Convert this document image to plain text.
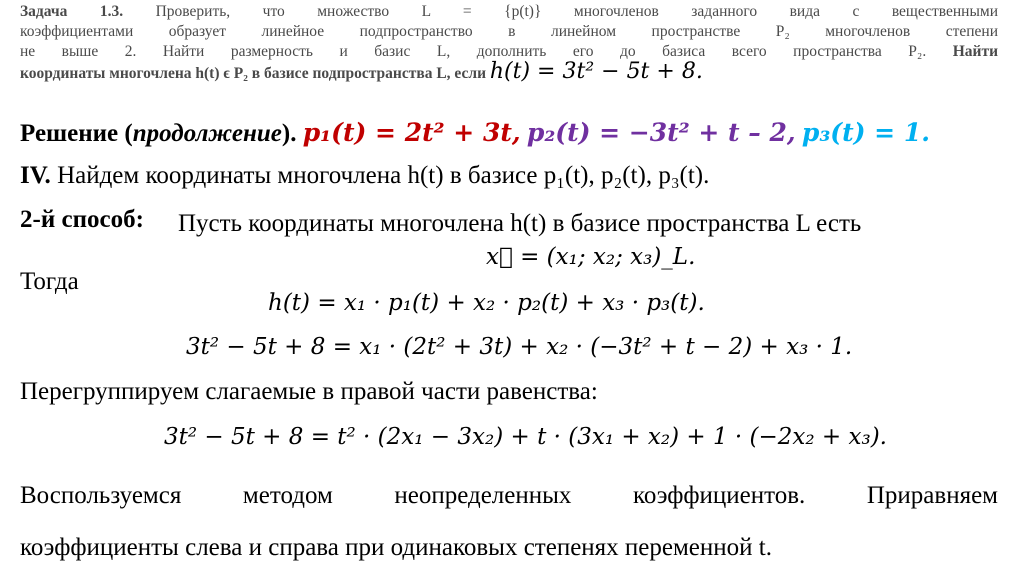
Задача 1.3. Проверить, что множество L = {p(t)} многочленов заданного вида с вещественными
коэффициентами образует линейное подпространство в линейном пространстве P₂ многочленов степени
не выше 2. Найти размерность и базис L, дополнить его до базиса всего пространства P₂. Найти
координаты многочлена h(t) ϵ P₂ в базисе подпространства L, если h(t) = 3t² − 5t + 8.
Решение (продолжение). p₁(t) = 2t² + 3t, p₂(t) = −3t² + t – 2, p₃(t) = 1.
IV. Найдем координаты многочлена h(t) в базисе p₁(t), p₂(t), p₃(t).
2-й способ: Пусть координаты многочлена h(t) в базисе пространства L есть
x⃗ = (x₁; x₂; x₃)_L.
Тогда
h(t) = x₁ · p₁(t) + x₂ · p₂(t) + x₃ · p₃(t).
3t² − 5t + 8 = x₁ · (2t² + 3t) + x₂ · (−3t² + t − 2) + x₃ · 1.
Перегруппируем слагаемые в правой части равенства:
3t² − 5t + 8 = t² · (2x₁ − 3x₂) + t · (3x₁ + x₂) + 1 · (−2x₂ + x₃).
Воспользуемся методом неопределенных коэффициентов. Приравняем
коэффициенты слева и справа при одинаковых степенях переменной t.
